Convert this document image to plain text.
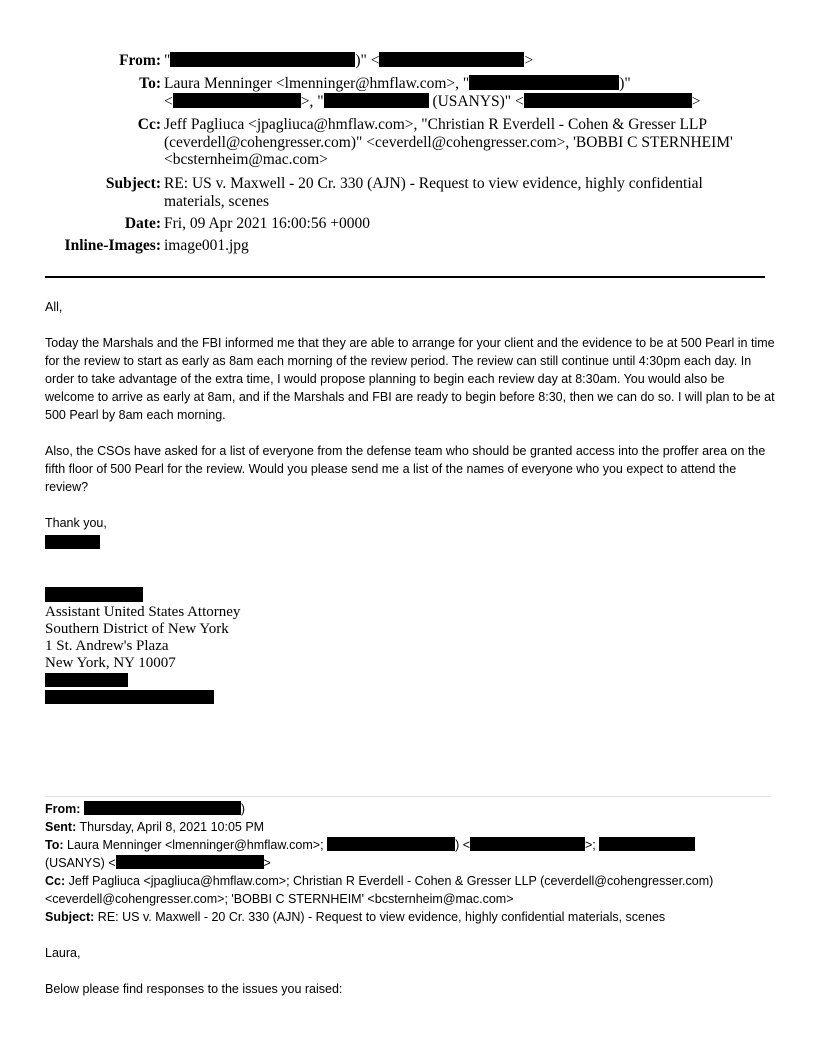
From: "	)" <	>
To: Laura Menninger <lmenninger@hmflaw.com>, "	)"
<	>, "	(USANYS)" <	>
Cc: Jeff Pagliuca <jpagliuca@hmflaw.com>, "Christian R Everdell - Cohen & Gresser LLP
(ceverdell@cohengresser.com)" <ceverdell@cohengresser.com>, 'BOBBI C STERNHEIM'
<bcsternheim@mac.com>
Subject: RE: US v. Maxwell - 20 Cr. 330 (AJN) - Request to view evidence, highly confidential
materials, scenes
Date: Fri, 09 Apr 2021 16:00:56 +0000
Inline-Images: image001.jpg

All,

Today the Marshals and the FBI informed me that they are able to arrange for your client and the evidence to be at 500 Pearl in time for the review to start as early as 8am each morning of the review period. The review can still continue until 4:30pm each day. In order to take advantage of the extra time, I would propose planning to begin each review day at 8:30am. You would also be welcome to arrive as early at 8am, and if the Marshals and FBI are ready to begin before 8:30, then we can do so. I will plan to be at 500 Pearl by 8am each morning.

Also, the CSOs have asked for a list of everyone from the defense team who should be granted access into the proffer area on the fifth floor of 500 Pearl for the review. Would you please send me a list of the names of everyone who you expect to attend the review?

Thank you,

Assistant United States Attorney
Southern District of New York
1 St. Andrew's Plaza
New York, NY 10007
From:	)
Sent: Thursday, April 8, 2021 10:05 PM
To: Laura Menninger <lmenninger@hmflaw.com>;	) <	>;
(USANYS) <	>
Cc: Jeff Pagliuca <jpagliuca@hmflaw.com>; Christian R Everdell - Cohen & Gresser LLP (ceverdell@cohengresser.com)
<ceverdell@cohengresser.com>; 'BOBBI C STERNHEIM' <bcsternheim@mac.com>
Subject: RE: US v. Maxwell - 20 Cr. 330 (AJN) - Request to view evidence, highly confidential materials, scenes
Laura,
Below please find responses to the issues you raised:
